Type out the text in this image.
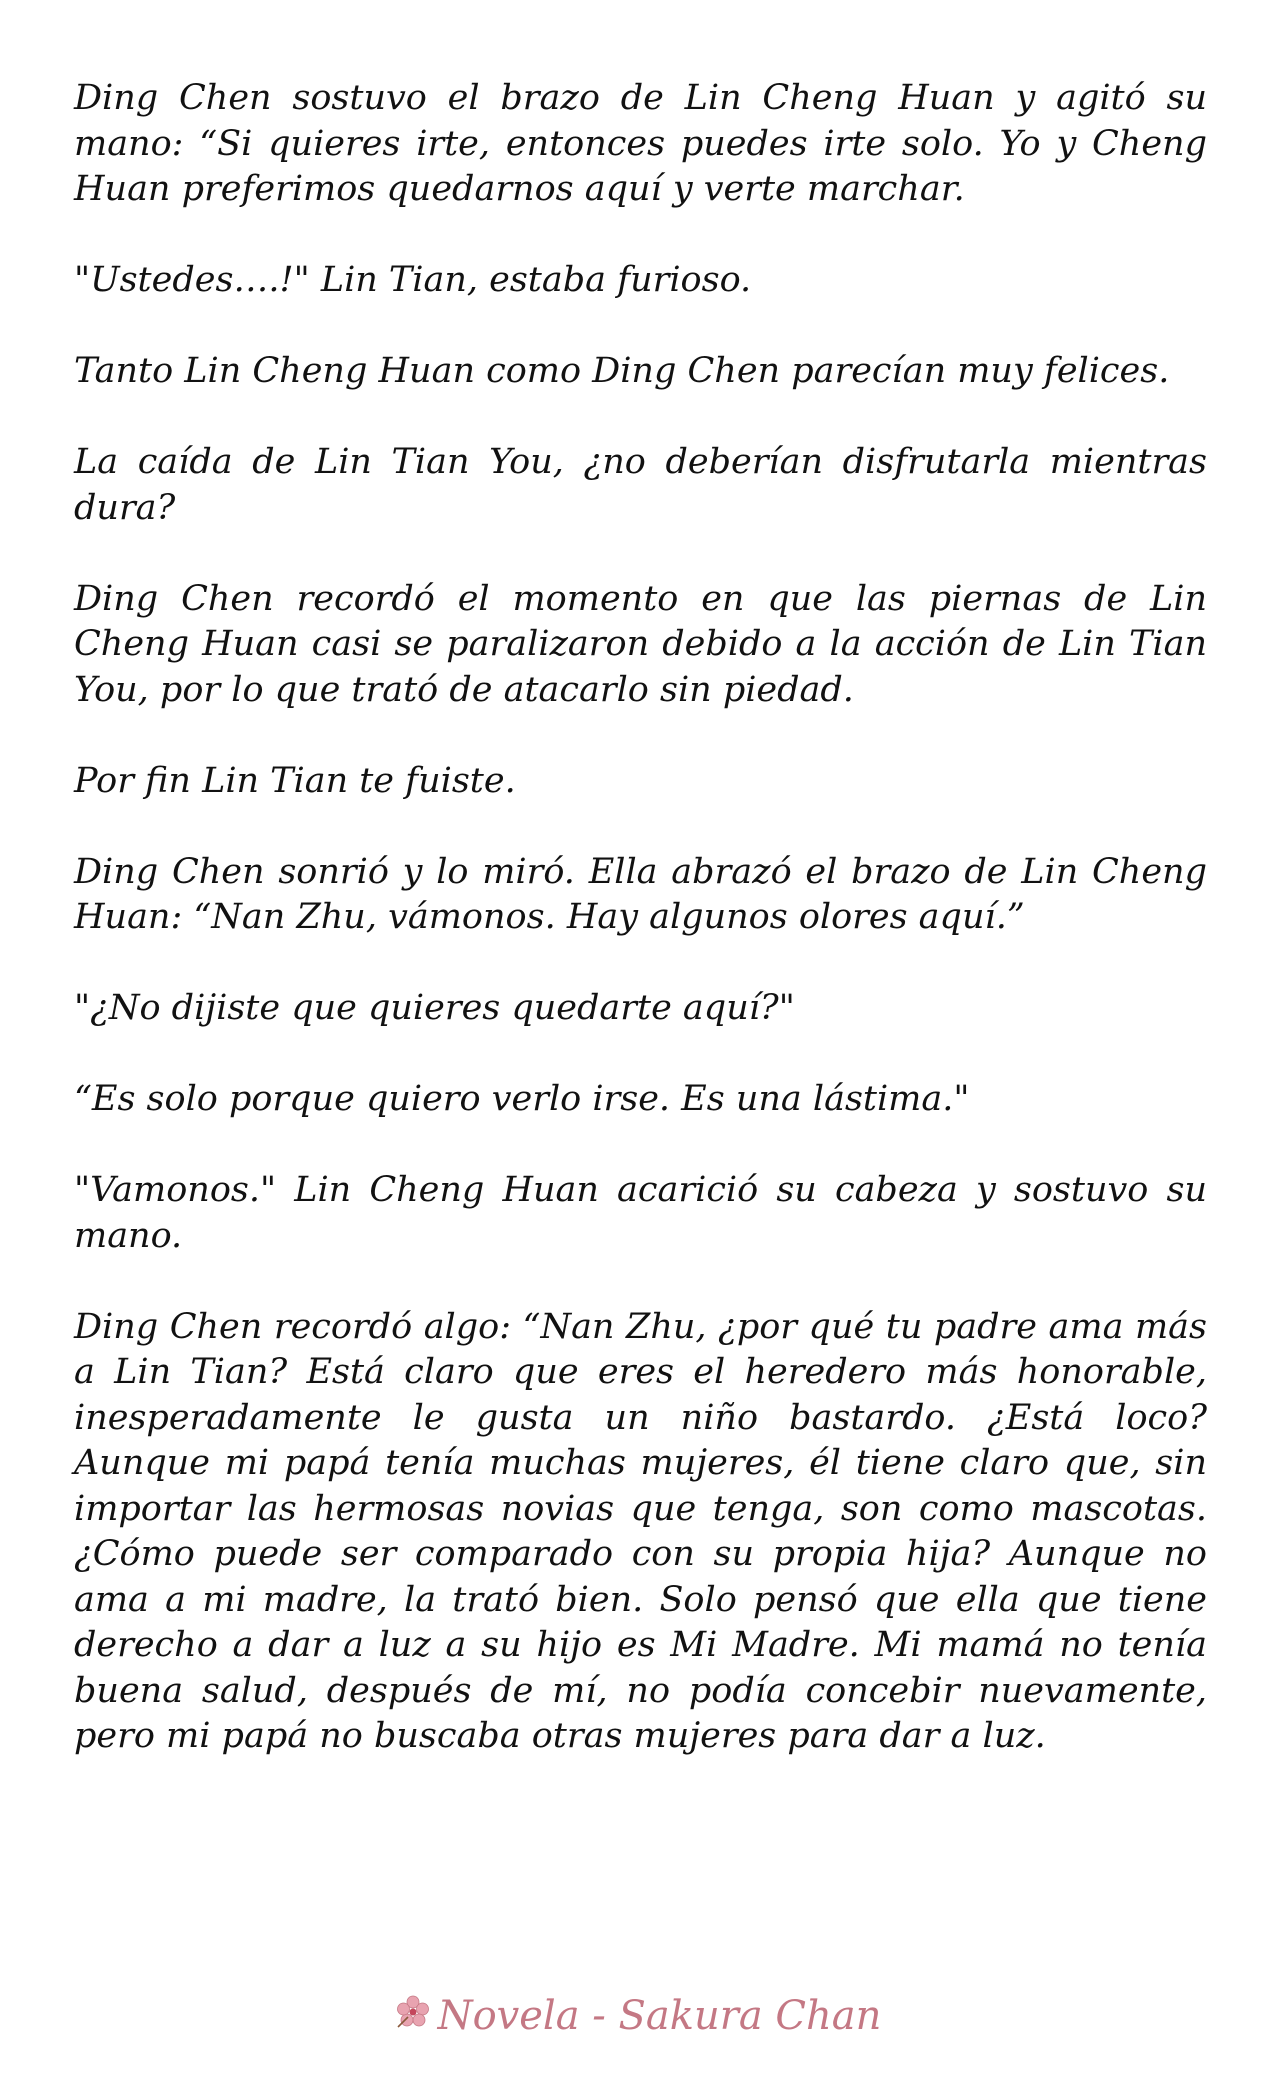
Ding Chen sostuvo el brazo de Lin Cheng Huan y agitó su mano: “Si quieres irte, entonces puedes irte solo. Yo y Cheng Huan preferimos quedarnos aquí y verte marchar.

"Ustedes….!" Lin Tian, estaba furioso.

Tanto Lin Cheng Huan como Ding Chen parecían muy felices.

La caída de Lin Tian You, ¿no deberían disfrutarla mientras dura?

Ding Chen recordó el momento en que las piernas de Lin Cheng Huan casi se paralizaron debido a la acción de Lin Tian You, por lo que trató de atacarlo sin piedad.

Por fin Lin Tian te fuiste.

Ding Chen sonrió y lo miró. Ella abrazó el brazo de Lin Cheng Huan: “Nan Zhu, vámonos. Hay algunos olores aquí.”

"¿No dijiste que quieres quedarte aquí?"

“Es solo porque quiero verlo irse. Es una lástima."

"Vamonos." Lin Cheng Huan acarició su cabeza y sostuvo su mano.

Ding Chen recordó algo: “Nan Zhu, ¿por qué tu padre ama más a Lin Tian? Está claro que eres el heredero más honorable, inesperadamente le gusta un niño bastardo. ¿Está loco? Aunque mi papá tenía muchas mujeres, él tiene claro que, sin importar las hermosas novias que tenga, son como mascotas. ¿Cómo puede ser comparado con su propia hija? Aunque no ama a mi madre, la trató bien. Solo pensó que ella que tiene derecho a dar a luz a su hijo es Mi Madre. Mi mamá no tenía buena salud, después de mí, no podía concebir nuevamente, pero mi papá no buscaba otras mujeres para dar a luz.

Novela - Sakura Chan
